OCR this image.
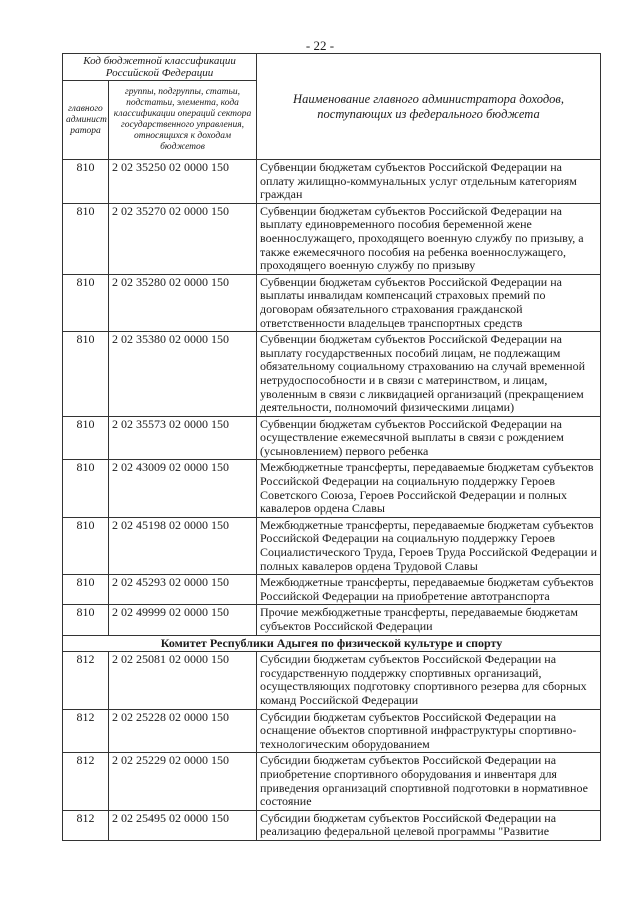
- 22 -
Код бюджетной классификации Российской Федерации		Наименование главного администратора доходов, поступающих из федерального бюджета
главного админист ратора	группы, подгруппы, статьи, подстатьи, элемента, кода классификации операций сектора государственного управления, относящихся к доходам бюджетов	
810	2 02 35250 02 0000 150	Субвенции бюджетам субъектов Российской Федерации на оплату жилищно-коммунальных услуг отдельным категориям граждан
810	2 02 35270 02 0000 150	Субвенции бюджетам субъектов Российской Федерации на выплату единовременного пособия беременной жене военнослужащего, проходящего военную службу по призыву, а также ежемесячного пособия на ребенка военнослужащего, проходящего военную службу по призыву
810	2 02 35280 02 0000 150	Субвенции бюджетам субъектов Российской Федерации на выплаты инвалидам компенсаций страховых премий по договорам обязательного страхования гражданской ответственности владельцев транспортных средств
810	2 02 35380 02 0000 150	Субвенции бюджетам субъектов Российской Федерации на выплату государственных пособий лицам, не подлежащим обязательному социальному страхованию на случай временной нетрудоспособности и в связи с материнством, и лицам, уволенным в связи с ликвидацией организаций (прекращением деятельности, полномочий физическими лицами)
810	2 02 35573 02 0000 150	Субвенции бюджетам субъектов Российской Федерации на осуществление ежемесячной выплаты в связи с рождением (усыновлением) первого ребенка
810	2 02 43009 02 0000 150	Межбюджетные трансферты, передаваемые бюджетам субъектов Российской Федерации на социальную поддержку Героев Советского Союза, Героев Российской Федерации и полных кавалеров ордена Славы
810	2 02 45198 02 0000 150	Межбюджетные трансферты, передаваемые бюджетам субъектов Российской Федерации на социальную поддержку Героев Социалистического Труда, Героев Труда Российской Федерации и полных кавалеров ордена Трудовой Славы
810	2 02 45293 02 0000 150	Межбюджетные трансферты, передаваемые бюджетам субъектов Российской Федерации на приобретение автотранспорта
810	2 02 49999 02 0000 150	Прочие межбюджетные трансферты, передаваемые бюджетам субъектов Российской Федерации
Комитет Республики Адыгея по физической культуре и спорту		
812	2 02 25081 02 0000 150	Субсидии бюджетам субъектов Российской Федерации на государственную поддержку спортивных организаций, осуществляющих подготовку спортивного резерва для сборных команд Российской Федерации
812	2 02 25228 02 0000 150	Субсидии бюджетам субъектов Российской Федерации на оснащение объектов спортивной инфраструктуры спортивно-технологическим оборудованием
812	2 02 25229 02 0000 150	Субсидии бюджетам субъектов Российской Федерации на приобретение спортивного оборудования и инвентаря для приведения организаций спортивной подготовки в нормативное состояние
812	2 02 25495 02 0000 150	Субсидии бюджетам субъектов Российской Федерации на реализацию федеральной целевой программы "Развитие
